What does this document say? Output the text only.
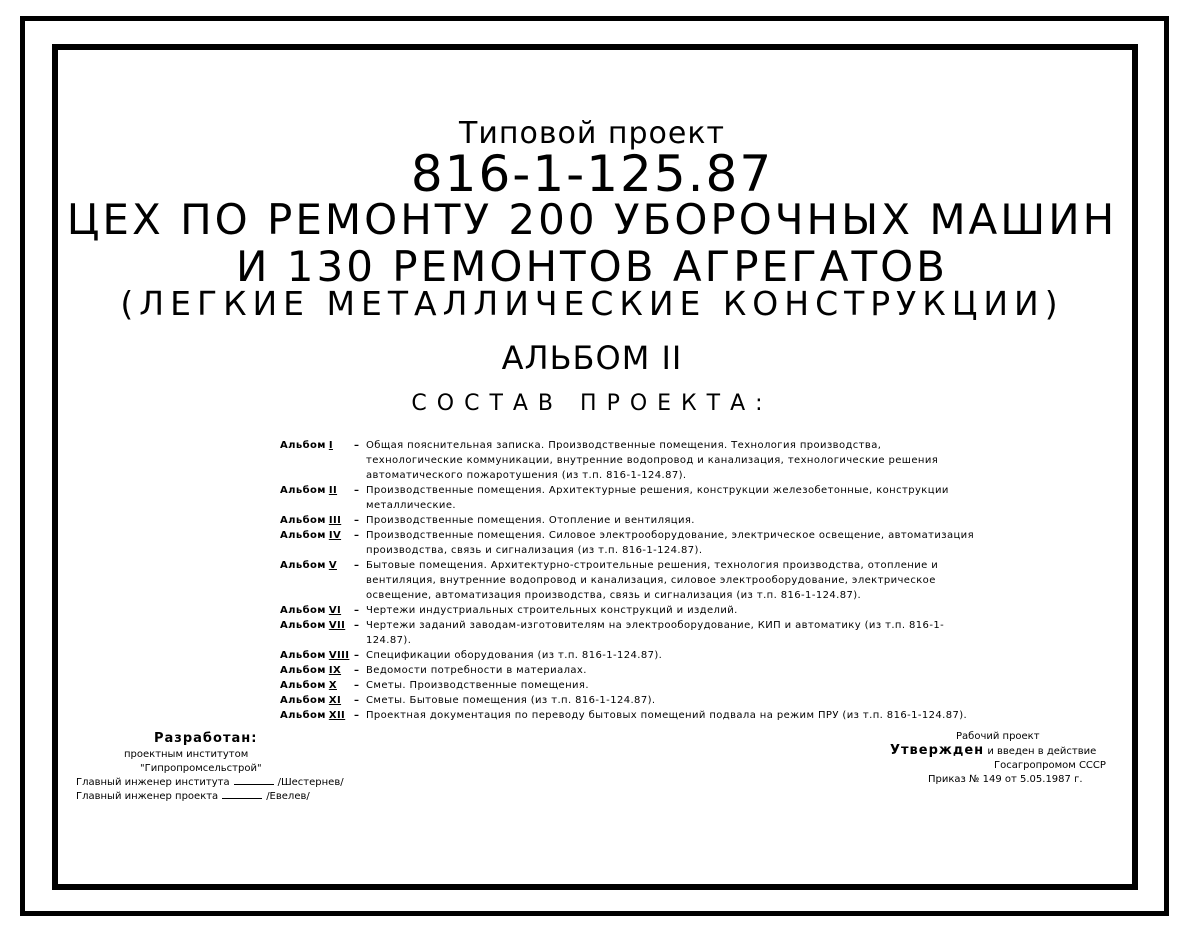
Типовой проект
816-1-125.87
ЦЕХ ПО РЕМОНТУ 200 УБОРОЧНЫХ МАШИН
И 130 РЕМОНТОВ АГРЕГАТОВ
(ЛЕГКИЕ МЕТАЛЛИЧЕСКИЕ КОНСТРУКЦИИ)
АЛЬБОМ II
СОСТАВ ПРОЕКТА:
Альбом I	– Общая пояснительная записка. Производственные помещения. Технология производства, технологические коммуникации, внутренние водопровод и канализация, технологические решения автоматического пожаротушения (из т.п. 816-1-124.87).
Альбом II	– Производственные помещения. Архитектурные решения, конструкции железобетонные, конструкции металлические.
Альбом III	– Производственные помещения. Отопление и вентиляция.
Альбом IV	– Производственные помещения. Силовое электрооборудование, электрическое освещение, автоматизация производства, связь и сигнализация (из т.п. 816-1-124.87).
Альбом V	– Бытовые помещения. Архитектурно-строительные решения, технология производства, отопление и вентиляция, внутренние водопровод и канализация, силовое электрооборудование, электрическое освещение, автоматизация производства, связь и сигнализация (из т.п. 816-1-124.87).
Альбом VI	– Чертежи индустриальных строительных конструкций и изделий.
Альбом VII – Чертежи заданий заводам-изготовителям на электрооборудование, КИП и автоматику (из т.п. 816-1-124.87).
Альбом VIII – Спецификации оборудования (из т.п. 816-1-124.87).
Альбом IX	– Ведомости потребности в материалах.
Альбом X	– Сметы. Производственные помещения.
Альбом XI	– Сметы. Бытовые помещения (из т.п. 816-1-124.87).
Альбом XII – Проектная документация по переводу бытовых помещений подвала на режим ПРУ (из т.п. 816-1-124.87).
Разработан:
проектным институтом
"Гипропромсельстрой"
Главный инженер института	/Шестернев/
Главный инженер проекта	/Евелев/
Рабочий проект
Утвержден и введен в действие
Госагропромом СССР
Приказ № 149 от 5.05.1987 г.
